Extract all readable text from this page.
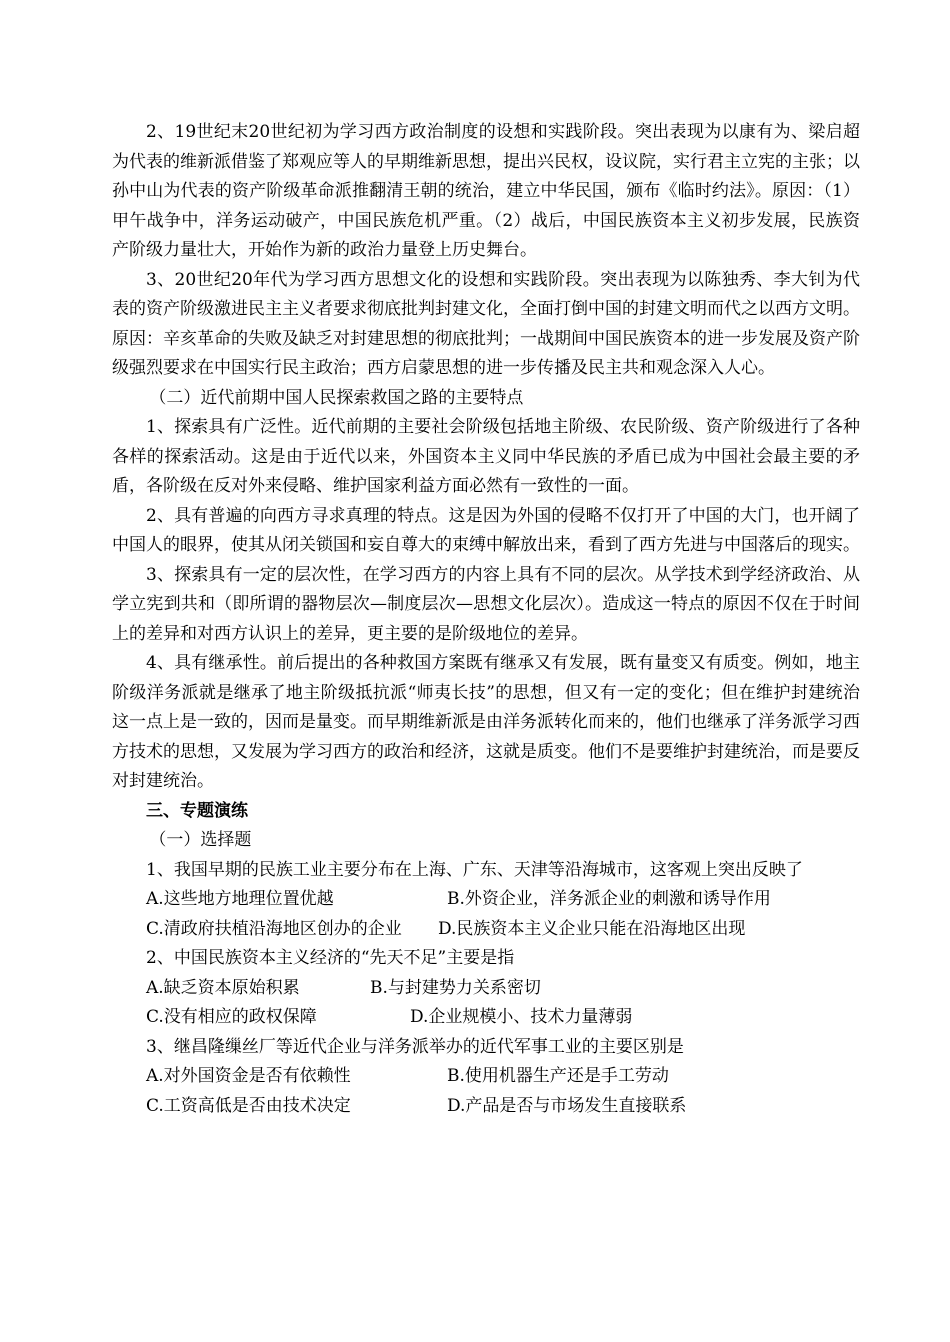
2、19世纪末20世纪初为学习西方政治制度的设想和实践阶段。突出表现为以康有为、梁启超为代表的维新派借鉴了郑观应等人的早期维新思想，提出兴民权，设议院，实行君主立宪的主张；以孙中山为代表的资产阶级革命派推翻清王朝的统治，建立中华民国，颁布《临时约法》。原因：（1）甲午战争中，洋务运动破产，中国民族危机严重。（2）战后，中国民族资本主义初步发展，民族资产阶级力量壮大，开始作为新的政治力量登上历史舞台。

3、20世纪20年代为学习西方思想文化的设想和实践阶段。突出表现为以陈独秀、李大钊为代表的资产阶级激进民主主义者要求彻底批判封建文化，全面打倒中国的封建文明而代之以西方文明。原因：辛亥革命的失败及缺乏对封建思想的彻底批判；一战期间中国民族资本的进一步发展及资产阶级强烈要求在中国实行民主政治；西方启蒙思想的进一步传播及民主共和观念深入人心。

（二）近代前期中国人民探索救国之路的主要特点

1、探索具有广泛性。近代前期的主要社会阶级包括地主阶级、农民阶级、资产阶级进行了各种各样的探索活动。这是由于近代以来，外国资本主义同中华民族的矛盾已成为中国社会最主要的矛盾，各阶级在反对外来侵略、维护国家利益方面必然有一致性的一面。

2、具有普遍的向西方寻求真理的特点。这是因为外国的侵略不仅打开了中国的大门，也开阔了中国人的眼界，使其从闭关锁国和妄自尊大的束缚中解放出来，看到了西方先进与中国落后的现实。

3、探索具有一定的层次性，在学习西方的内容上具有不同的层次。从学技术到学经济政治、从学立宪到共和（即所谓的器物层次—制度层次—思想文化层次）。造成这一特点的原因不仅在于时间上的差异和对西方认识上的差异，更主要的是阶级地位的差异。

4、具有继承性。前后提出的各种救国方案既有继承又有发展，既有量变又有质变。例如，地主阶级洋务派就是继承了地主阶级抵抗派“师夷长技”的思想，但又有一定的变化；但在维护封建统治这一点上是一致的，因而是量变。而早期维新派是由洋务派转化而来的，他们也继承了洋务派学习西方技术的思想，又发展为学习西方的政治和经济，这就是质变。他们不是要维护封建统治，而是要反对封建统治。

三、专题演练

（一）选择题

1、我国早期的民族工业主要分布在上海、广东、天津等沿海城市，这客观上突出反映了

A.这些地方地理位置优越	B.外资企业，洋务派企业的刺激和诱导作用
C.清政府扶植沿海地区创办的企业 D.民族资本主义企业只能在沿海地区出现

2、中国民族资本主义经济的“先天不足”主要是指

A.缺乏资本原始积累	B.与封建势力关系密切
C.没有相应的政权保障	D.企业规模小、技术力量薄弱

3、继昌隆缫丝厂等近代企业与洋务派举办的近代军事工业的主要区别是

A.对外国资金是否有依赖性	B.使用机器生产还是手工劳动
C.工资高低是否由技术决定	D.产品是否与市场发生直接联系
